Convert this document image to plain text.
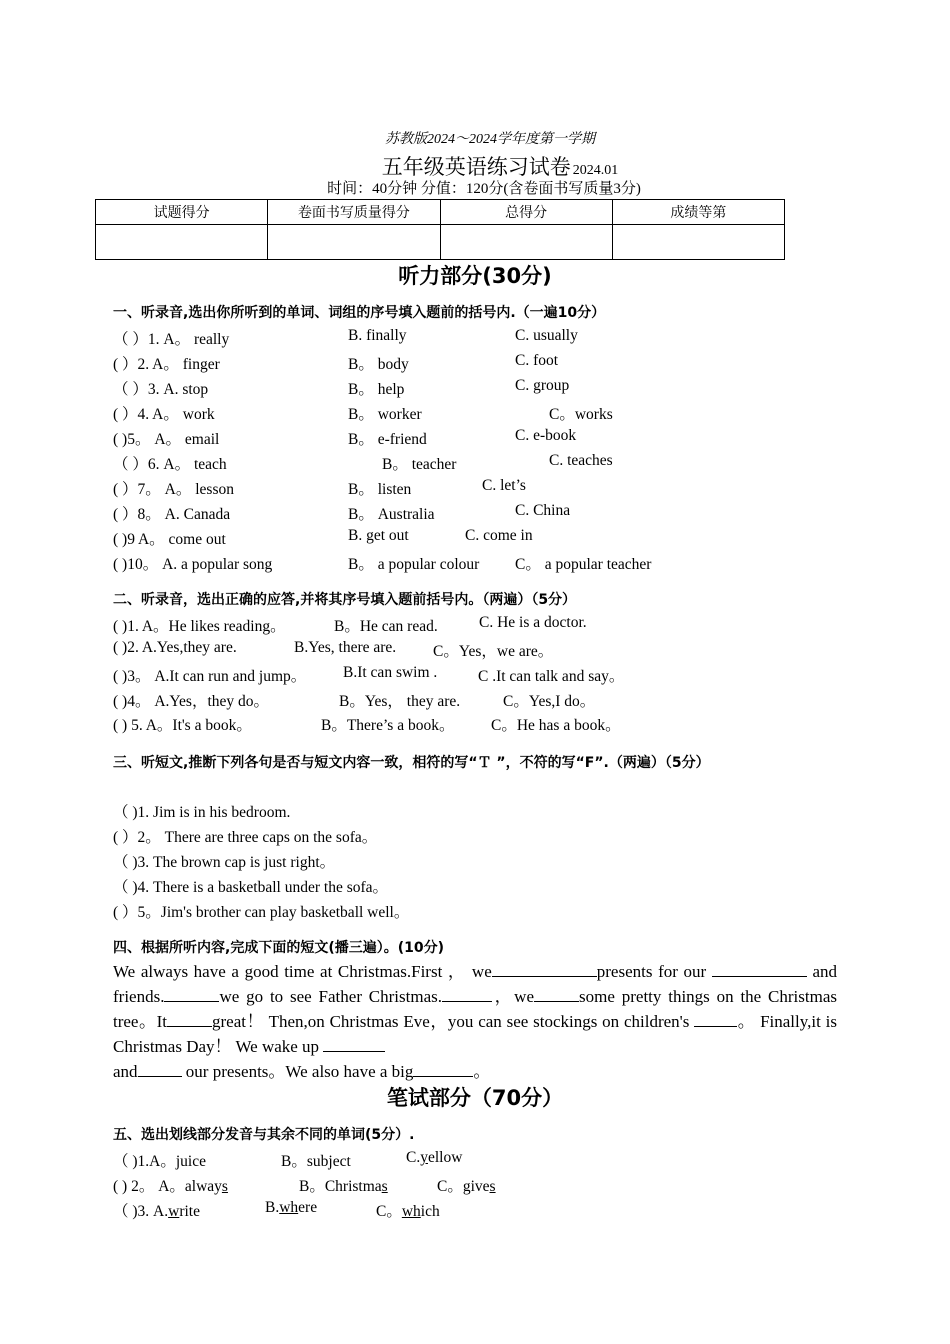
苏教版2024～2024学年度第一学期
五年级英语练习试卷 2024.01
时间：40分钟 分值：120分(含卷面书写质量3分)
试题得分	卷面书写质量得分	总得分	成绩等第

听力部分(30分)
一、听录音,选出你所听到的单词、词组的序号填入题前的括号内.（一遍10分）
（ ）1. A。 really	B. finally	C. usually
( ）2. A。 finger	B。 body	C. foot
（ ）3. A. stop	B。 help	C. group
( ）4. A。 work	B。 worker	C。works
( )5。 A。 email	B。 e-friend	C. e-book
（ ）6. A。 teach	B。 teacher	C. teaches
( ）7。 A。 lesson	B。 listen	C. let’s
( ）8。 A. Canada	B。 Australia	C. China
( )9 A。 come out	B. get out	C. come in
( )10。 A. a popular song	B。 a popular colour C。 a popular teacher
二、听录音，选出正确的应答,并将其序号填入题前括号内。（两遍）（5分）
( )1. A。He likes reading。	B。He can read.	C. He is a doctor.
( )2. A.Yes,they are.	B.Yes, there are. C。Yes，we are。
( )3。 A.It can run and jump。 B.It can swim .	C .It can talk and say。
( )4。 A.Yes，they do。	B。Yes， they are.	C。Yes,I do。
( ) 5. A。It's a book。	B。There’s a book。 C。He has a book。
三、听短文,推断下列各句是否与短文内容一致，相符的写“Ｔ ”，不符的写“F”.（两遍）（5分）
（ )1. Jim is in his bedroom.
( ）2。 There are three caps on the sofa。
（ )3. The brown cap is just right。
（ )4. There is a basketball under the sofa。
( ）5。Jim's brother can play basketball well。
四、根据所听内容,完成下面的短文(播三遍）。(10分)
We always have a good time at Christmas.First ， we	presents for our	and friends.	we go to see Father Christmas.	，we	some pretty things on the Christmas tree。It	great！ Then,on Christmas Eve，you can see stockings on children's	。 Finally,it is Christmas Day！ We wake up
and	our presents。We also have a big	。
笔试部分（70分）
五、选出划线部分发音与其余不同的单词(5分）.
（ )1.A。juice	B。subject	C.yellow
( ) 2。 A。always	B。Christmas	C。gives
（ )3. A.write	B.where	C。which
